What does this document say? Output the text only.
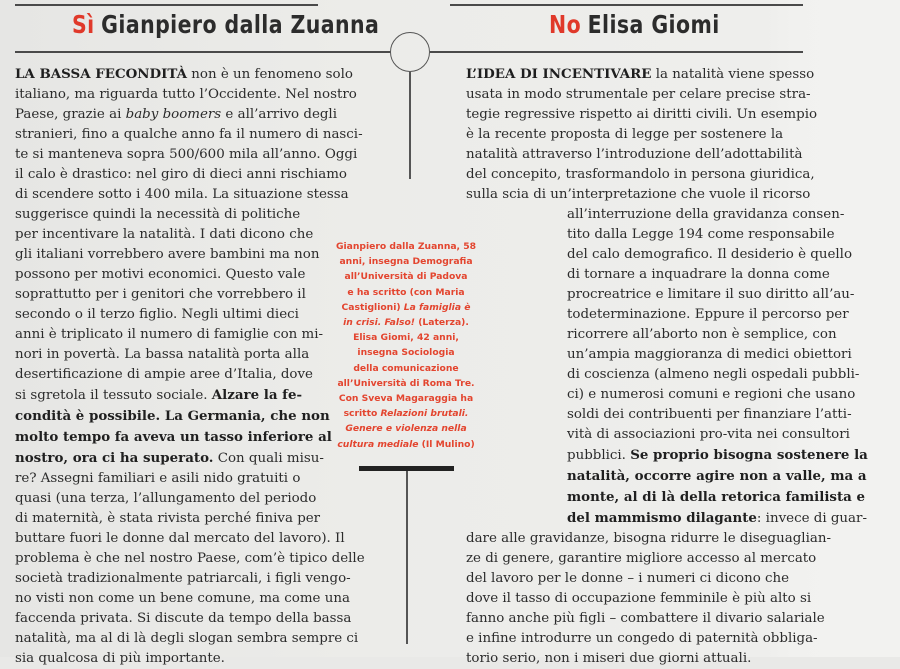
Sì Gianpiero dalla Zuanna	No Elisa Giomi
LA BASSA FECONDITÀ non è un fenomeno solo
italiano, ma riguarda tutto l’Occidente. Nel nostro
Paese, grazie ai baby boomers e all’arrivo degli
stranieri, fino a qualche anno fa il numero di nasci-
te si manteneva sopra 500/600 mila all’anno. Oggi
il calo è drastico: nel giro di dieci anni rischiamo
di scendere sotto i 400 mila. La situazione stessa
suggerisce quindi la necessità di politiche
per incentivare la natalità. I dati dicono che
gli italiani vorrebbero avere bambini ma non
possono per motivi economici. Questo vale
soprattutto per i genitori che vorrebbero il
secondo o il terzo figlio. Negli ultimi dieci
anni è triplicato il numero di famiglie con mi-
nori in povertà. La bassa natalità porta alla
desertificazione di ampie aree d’Italia, dove
si sgretola il tessuto sociale. Alzare la fe-
condità è possibile. La Germania, che non
molto tempo fa aveva un tasso inferiore al
nostro, ora ci ha superato. Con quali misu-
re? Assegni familiari e asili nido gratuiti o
quasi (una terza, l’allungamento del periodo
di maternità, è stata rivista perché finiva per
buttare fuori le donne dal mercato del lavoro). Il
problema è che nel nostro Paese, com’è tipico delle
società tradizionalmente patriarcali, i figli vengo-
no visti non come un bene comune, ma come una
faccenda privata. Si discute da tempo della bassa
natalità, ma al di là degli slogan sembra sempre ci
sia qualcosa di più importante.
L’IDEA DI INCENTIVARE la natalità viene spesso
usata in modo strumentale per celare precise stra-
tegie regressive rispetto ai diritti civili. Un esempio
è la recente proposta di legge per sostenere la
natalità attraverso l’introduzione dell’adottabilità
del concepito, trasformandolo in persona giuridica,
sulla scia di un’interpretazione che vuole il ricorso
all’interruzione della gravidanza consen-
tito dalla Legge 194 come responsabile
del calo demografico. Il desiderio è quello
di tornare a inquadrare la donna come
procreatrice e limitare il suo diritto all’au-
todeterminazione. Eppure il percorso per
ricorrere all’aborto non è semplice, con
un’ampia maggioranza di medici obiettori
di coscienza (almeno negli ospedali pubbli-
ci) e numerosi comuni e regioni che usano
soldi dei contribuenti per finanziare l’atti-
vità di associazioni pro-vita nei consultori
pubblici. Se proprio bisogna sostenere la
natalità, occorre agire non a valle, ma a
monte, al di là della retorica familista e
del mammismo dilagante: invece di guar-
dare alle gravidanze, bisogna ridurre le diseguaglian-
ze di genere, garantire migliore accesso al mercato
del lavoro per le donne – i numeri ci dicono che
dove il tasso di occupazione femminile è più alto si
fanno anche più figli – combattere il divario salariale
e infine introdurre un congedo di paternità obbliga-
torio serio, non i miseri due giorni attuali.
Gianpiero dalla Zuanna, 58
anni, insegna Demografia
all’Università di Padova
e ha scritto (con Maria
Castiglioni) La famiglia è
in crisi. Falso! (Laterza).
Elisa Giomi, 42 anni,
insegna Sociologia
della comunicazione
all’Università di Roma Tre.
Con Sveva Magaraggia ha
scritto Relazioni brutali.
Genere e violenza nella
cultura mediale (Il Mulino)
